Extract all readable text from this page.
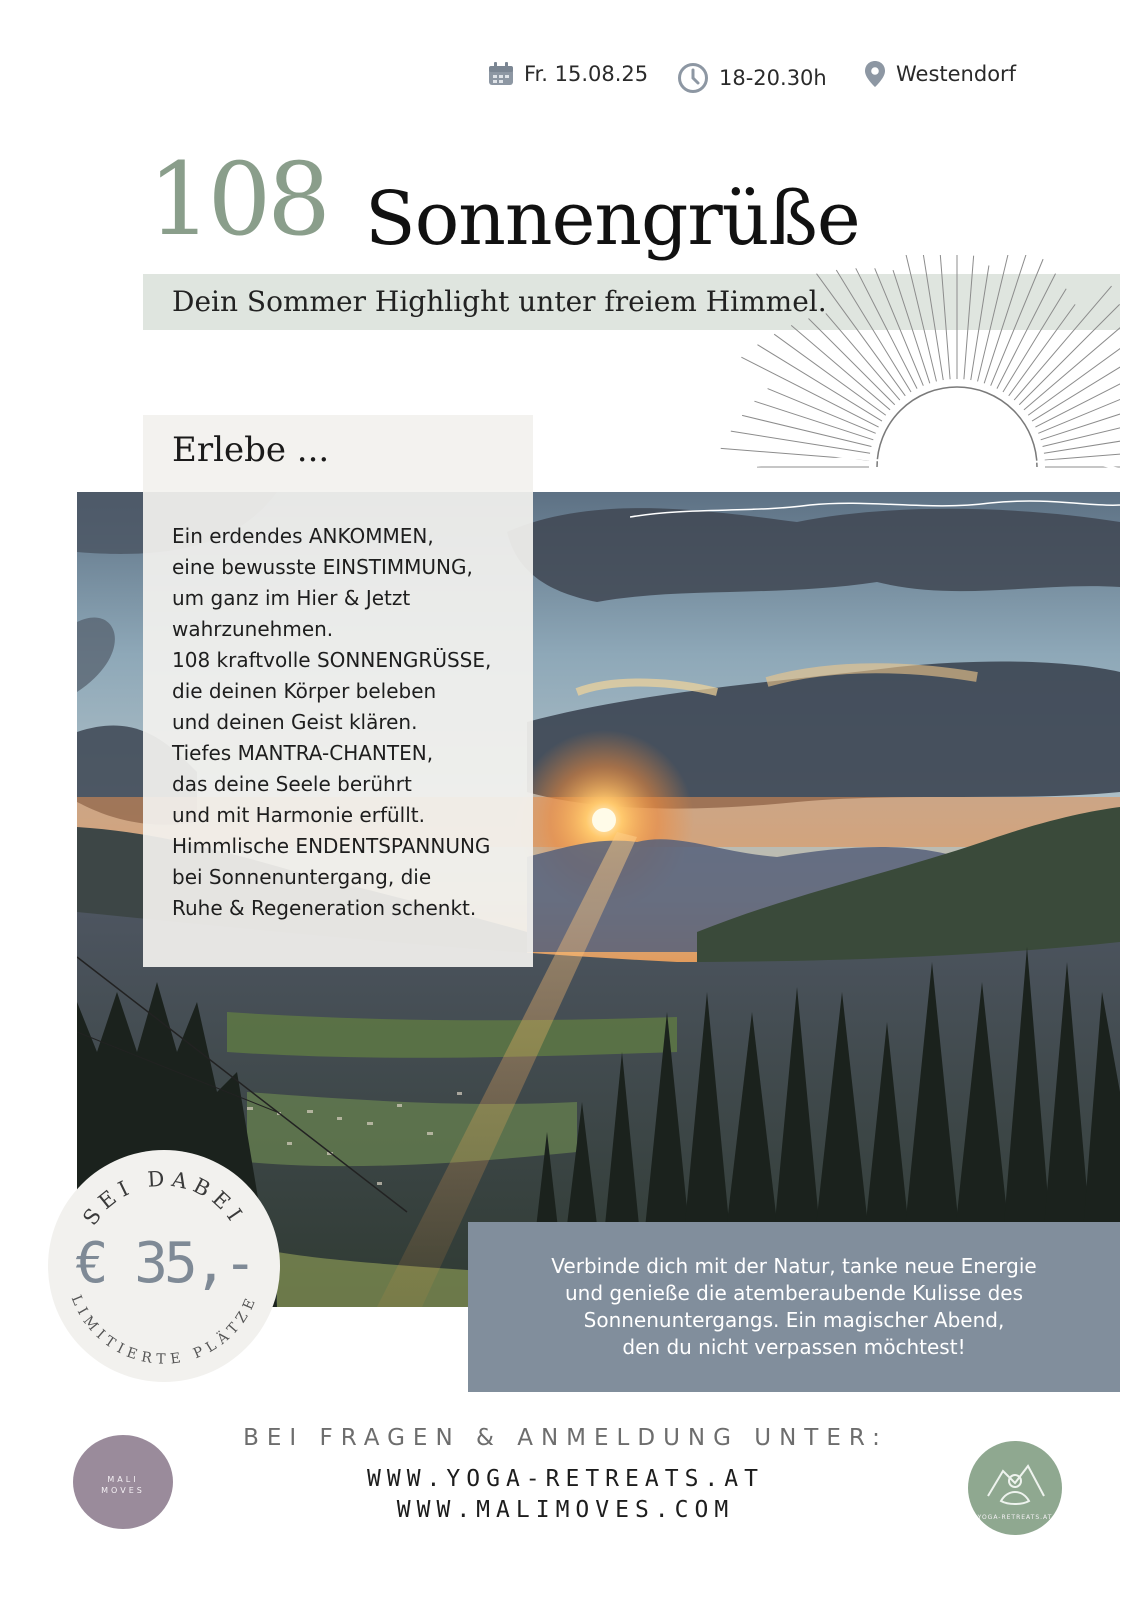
Fr. 15.08.25	18-20.30h	Westendorf
108 Sonnengrüße
Dein Sommer Highlight unter freiem Himmel.
Erlebe ...
Ein erdendes ANKOMMEN,
eine bewusste EINSTIMMUNG,
um ganz im Hier & Jetzt
wahrzunehmen.
108 kraftvolle SONNENGRÜSSE,
die deinen Körper beleben
und deinen Geist klären.
Tiefes MANTRA-CHANTEN,
das deine Seele berührt
und mit Harmonie erfüllt.
Himmlische ENDENTSPANNUNG
bei Sonnenuntergang, die
Ruhe & Regeneration schenkt.
Verbinde dich mit der Natur, tanke neue Energie
und genieße die atemberaubende Kulisse des
Sonnenuntergangs. Ein magischer Abend,
den du nicht verpassen möchtest!
SEI DABEI
€ 35,-
LIMITIERTE PLÄTZE
BEI FRAGEN & ANMELDUNG UNTER:
WWW.YOGA-RETREATS.AT
WWW.MALIMOVES.COM
MALI
MOVES
YOGA-RETREATS.AT
